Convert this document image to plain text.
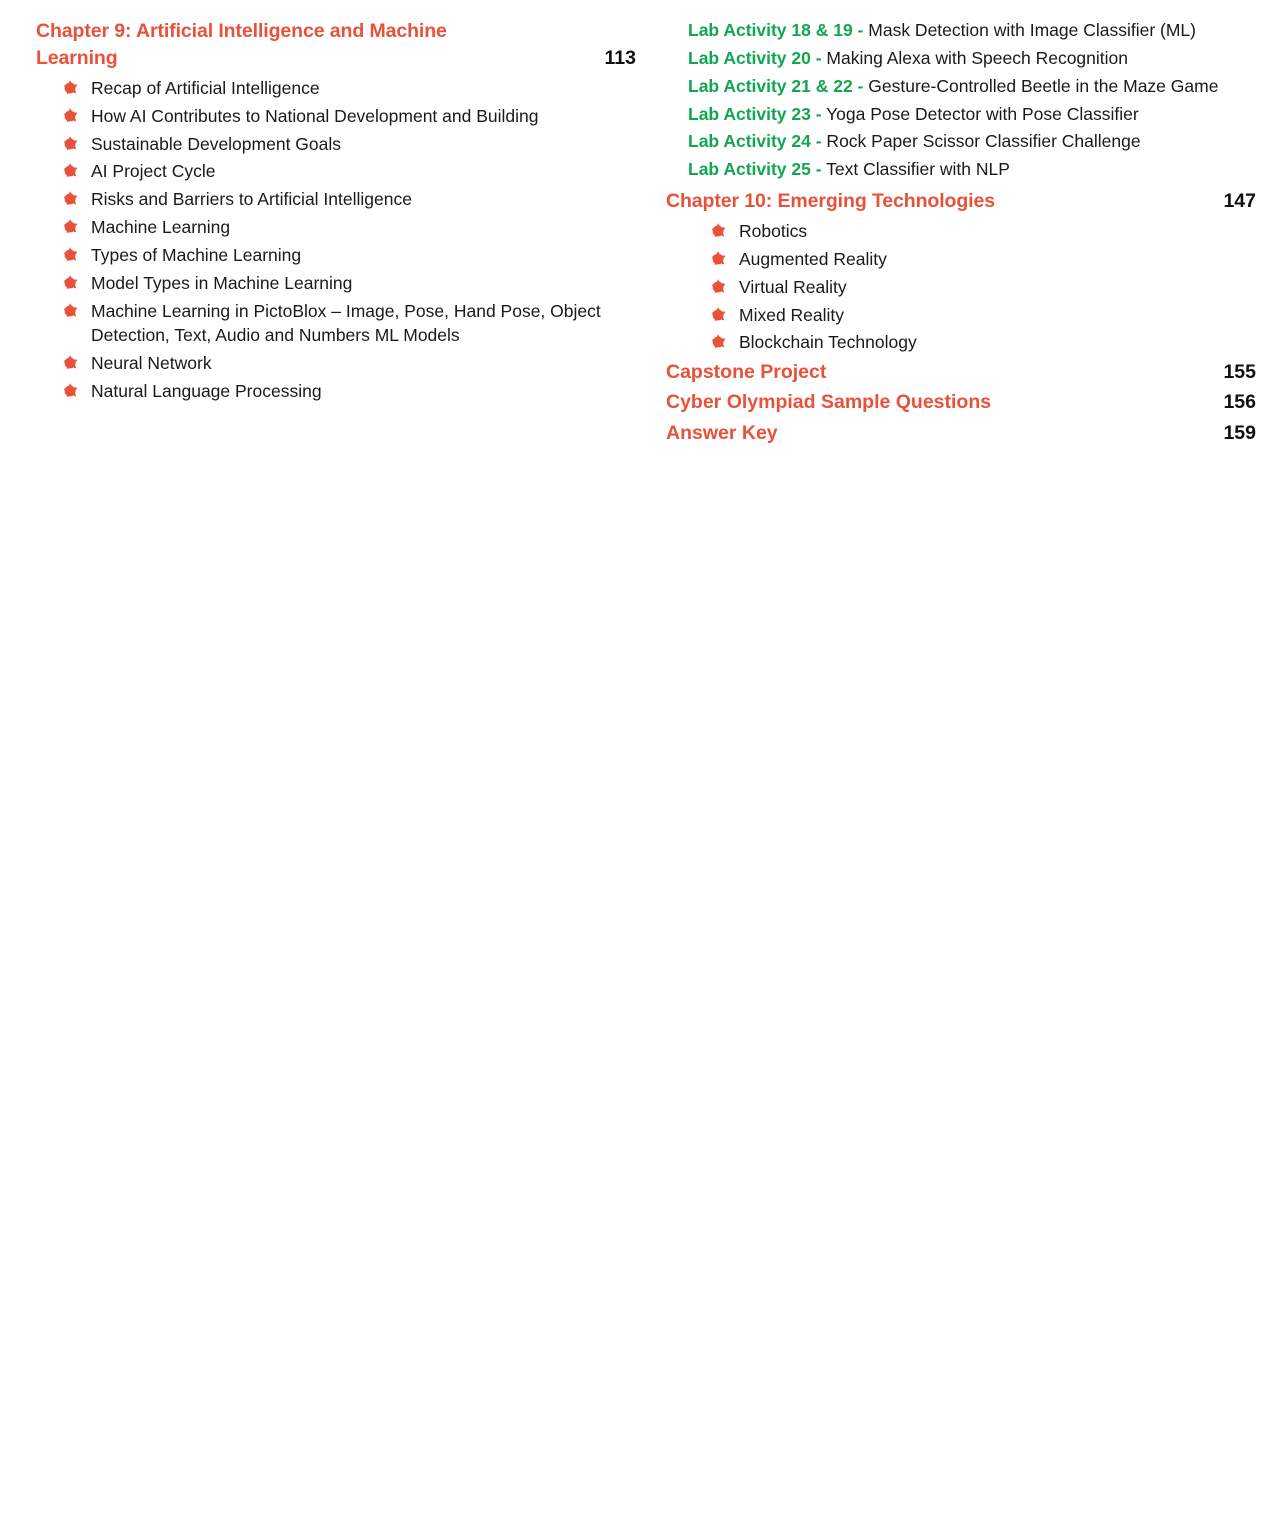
Chapter 9: Artificial Intelligence and Machine Learning	113
Recap of Artificial Intelligence
How AI Contributes to National Development and Building
Sustainable Development Goals
AI Project Cycle
Risks and Barriers to Artificial Intelligence
Machine Learning
Types of Machine Learning
Model Types in Machine Learning
Machine Learning in PictoBlox – Image, Pose, Hand Pose, Object Detection, Text, Audio and Numbers ML Models
Neural Network
Natural Language Processing
Lab Activity 18 & 19 - Mask Detection with Image Classifier (ML)
Lab Activity 20 - Making Alexa with Speech Recognition
Lab Activity 21 & 22 - Gesture-Controlled Beetle in the Maze Game
Lab Activity 23 - Yoga Pose Detector with Pose Classifier
Lab Activity 24 - Rock Paper Scissor Classifier Challenge
Lab Activity 25 - Text Classifier with NLP
Chapter 10: Emerging Technologies	147
Robotics
Augmented Reality
Virtual Reality
Mixed Reality
Blockchain Technology
Capstone Project	155
Cyber Olympiad Sample Questions	156
Answer Key	159
